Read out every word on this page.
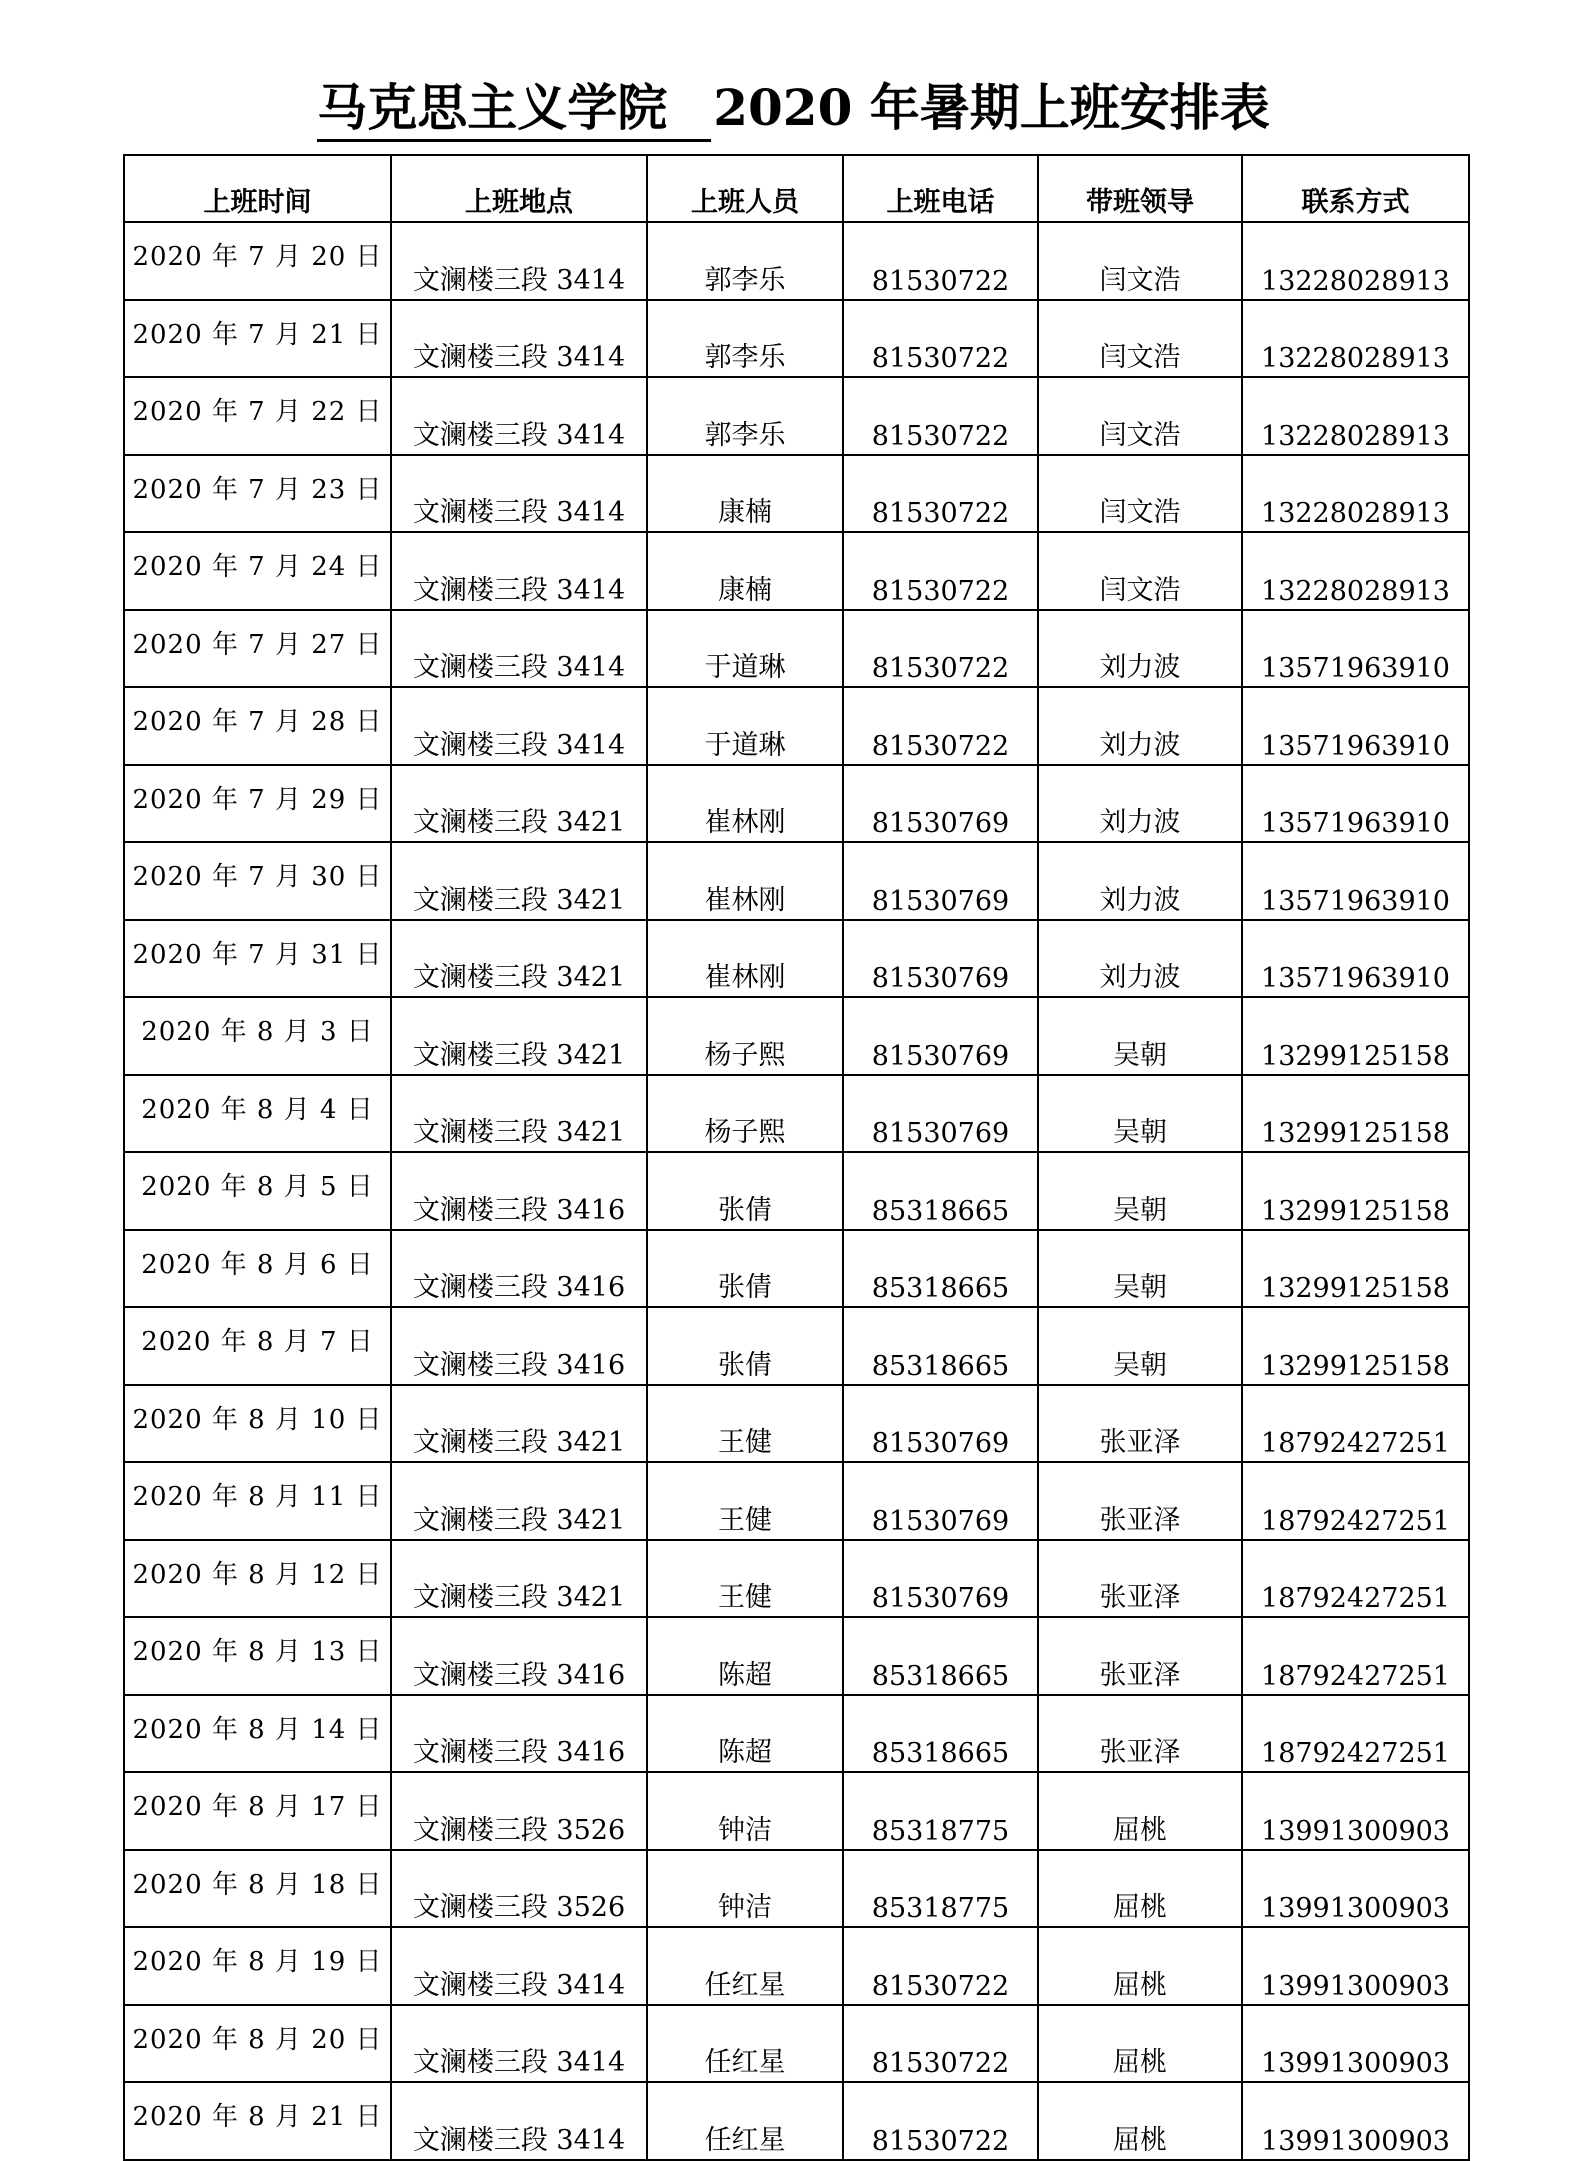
马克思主义学院 2020 年暑期上班安排表
上班时间	上班地点	上班人员	上班电话	带班领导	联系方式
2020 年 7 月 20 日	文澜楼三段 3414	郭李乐	81530722	闫文浩	13228028913
2020 年 7 月 21 日	文澜楼三段 3414	郭李乐	81530722	闫文浩	13228028913
2020 年 7 月 22 日	文澜楼三段 3414	郭李乐	81530722	闫文浩	13228028913
2020 年 7 月 23 日	文澜楼三段 3414	康楠	81530722	闫文浩	13228028913
2020 年 7 月 24 日	文澜楼三段 3414	康楠	81530722	闫文浩	13228028913
2020 年 7 月 27 日	文澜楼三段 3414	于道琳	81530722	刘力波	13571963910
2020 年 7 月 28 日	文澜楼三段 3414	于道琳	81530722	刘力波	13571963910
2020 年 7 月 29 日	文澜楼三段 3421	崔林刚	81530769	刘力波	13571963910
2020 年 7 月 30 日	文澜楼三段 3421	崔林刚	81530769	刘力波	13571963910
2020 年 7 月 31 日	文澜楼三段 3421	崔林刚	81530769	刘力波	13571963910
2020 年 8 月 3 日	文澜楼三段 3421	杨子熙	81530769	吴朝	13299125158
2020 年 8 月 4 日	文澜楼三段 3421	杨子熙	81530769	吴朝	13299125158
2020 年 8 月 5 日	文澜楼三段 3416	张倩	85318665	吴朝	13299125158
2020 年 8 月 6 日	文澜楼三段 3416	张倩	85318665	吴朝	13299125158
2020 年 8 月 7 日	文澜楼三段 3416	张倩	85318665	吴朝	13299125158
2020 年 8 月 10 日	文澜楼三段 3421	王健	81530769	张亚泽	18792427251
2020 年 8 月 11 日	文澜楼三段 3421	王健	81530769	张亚泽	18792427251
2020 年 8 月 12 日	文澜楼三段 3421	王健	81530769	张亚泽	18792427251
2020 年 8 月 13 日	文澜楼三段 3416	陈超	85318665	张亚泽	18792427251
2020 年 8 月 14 日	文澜楼三段 3416	陈超	85318665	张亚泽	18792427251
2020 年 8 月 17 日	文澜楼三段 3526	钟洁	85318775	屈桃	13991300903
2020 年 8 月 18 日	文澜楼三段 3526	钟洁	85318775	屈桃	13991300903
2020 年 8 月 19 日	文澜楼三段 3414	任红星	81530722	屈桃	13991300903
2020 年 8 月 20 日	文澜楼三段 3414	任红星	81530722	屈桃	13991300903
2020 年 8 月 21 日	文澜楼三段 3414	任红星	81530722	屈桃	13991300903
